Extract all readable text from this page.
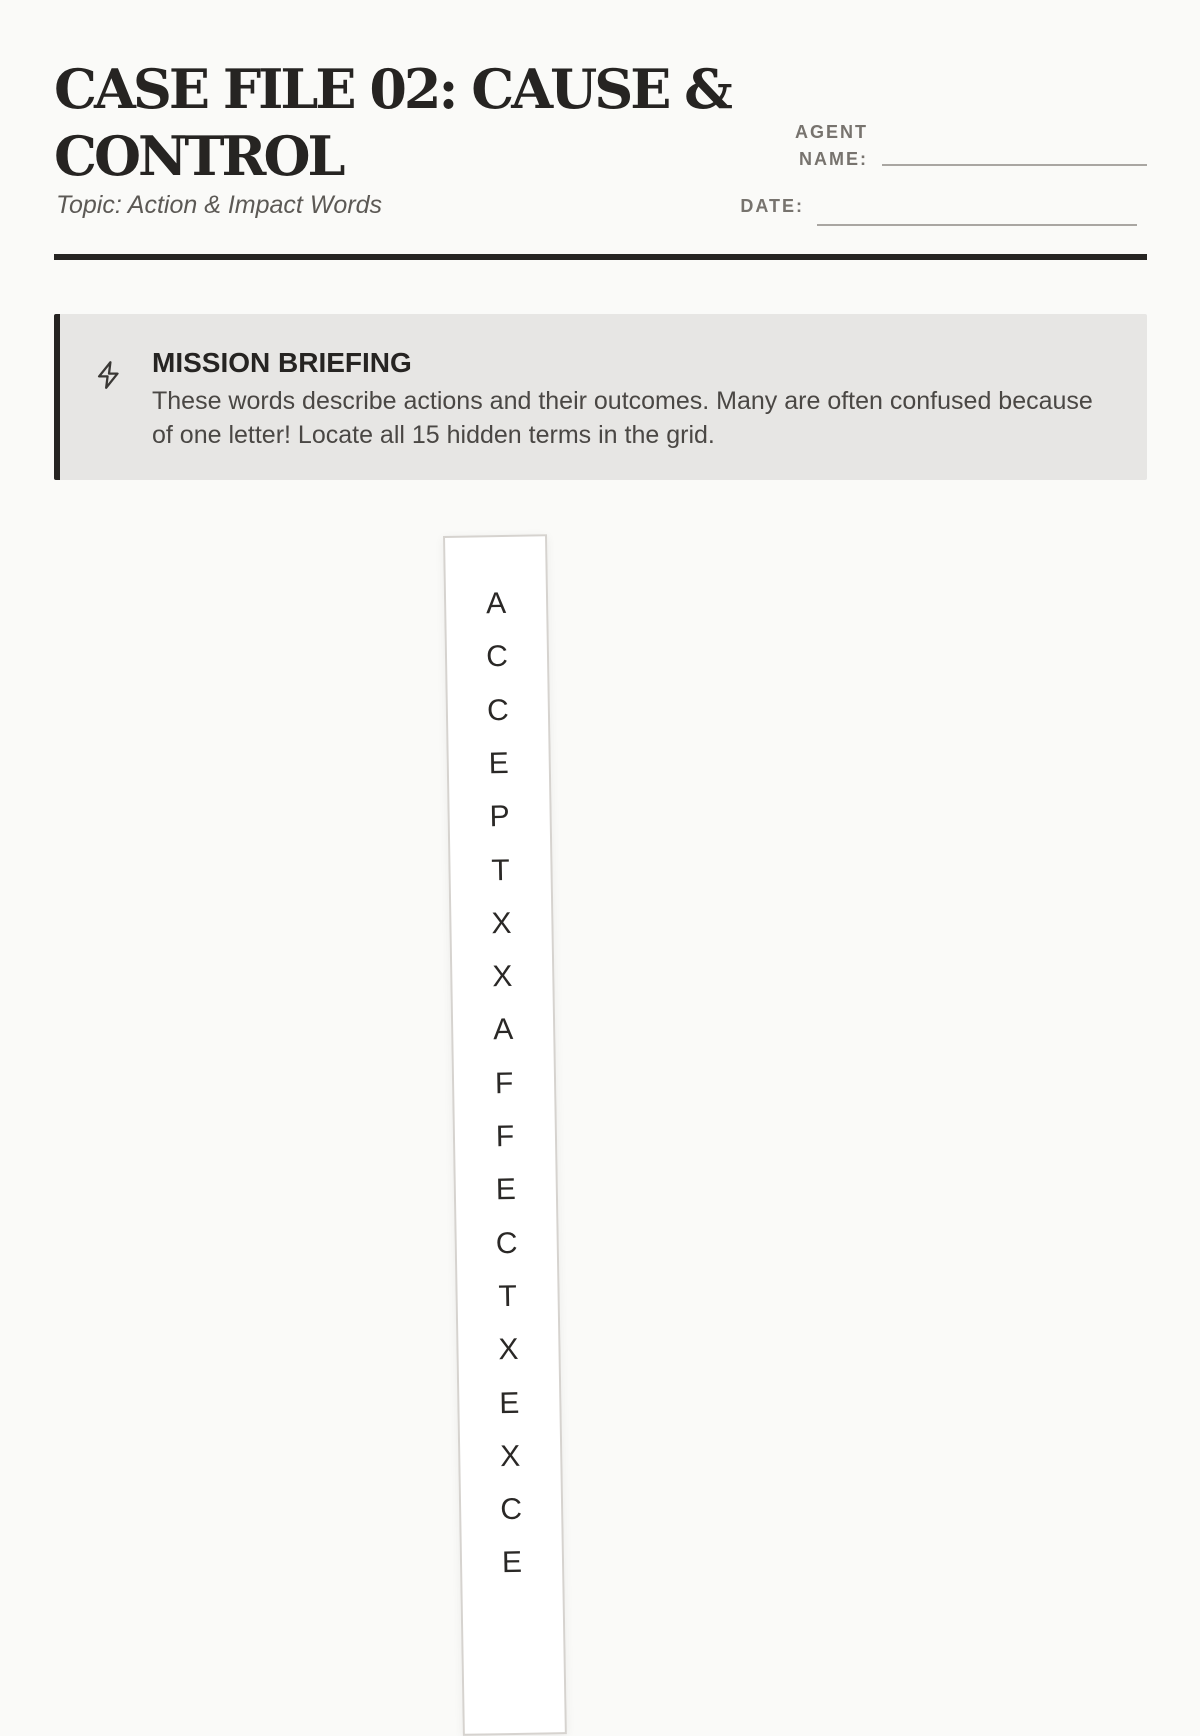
CASE FILE 02: CAUSE & CONTROL
Topic: Action & Impact Words
AGENT
NAME:
DATE:
MISSION BRIEFING
These words describe actions and their outcomes. Many are often confused because of one letter! Locate all 15 hidden terms in the grid.
A
C
C
E
P
T
X
X
A
F
F
E
C
T
X
E
X
C
E
